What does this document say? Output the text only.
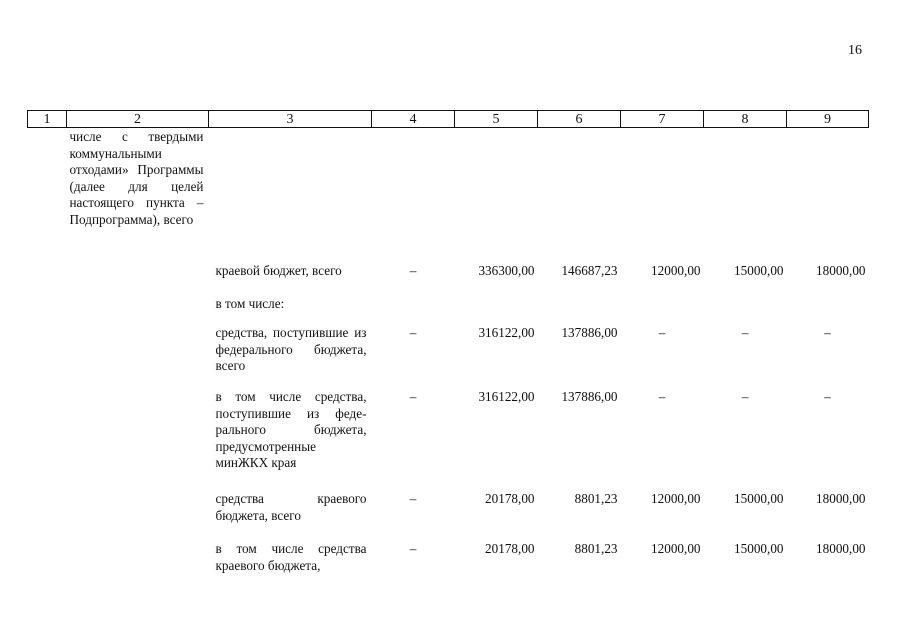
16
1	2	3	4	5	6	7	8	9
	числе с твердыми коммунальными отходами» Программы (далее для целей настоящего пункта – Подпрограмма), всего							
		краевой бюджет, всего	–	336300,00	146687,23	12000,00	15000,00	18000,00
		в том числе:						
		средства, поступившие из федерального бюджета, всего	–	316122,00	137886,00	–	–	–
		в том числе средства, поступившие из федерального бюджета, предусмотренные минЖКХ края	–	316122,00	137886,00	–	–	–
		средства краевого бюджета, всего	–	20178,00	8801,23	12000,00	15000,00	18000,00
		в том числе средства краевого бюджета,	–	20178,00	8801,23	12000,00	15000,00	18000,00
